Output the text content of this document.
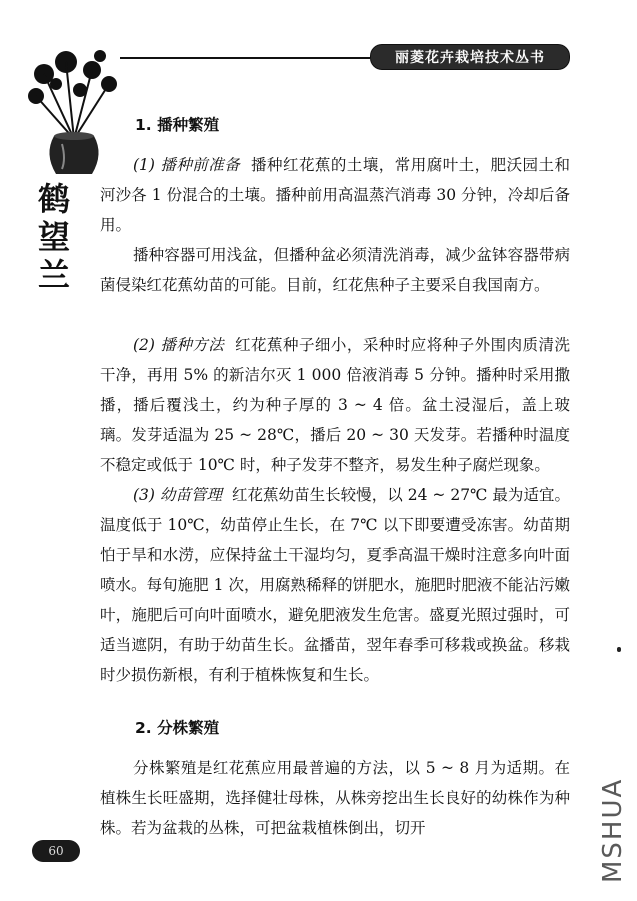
丽菱花卉栽培技术丛书
鹤
望
兰
1. 播种繁殖

(1) 播种前准备 播种红花蕉的土壤，常用腐叶土，肥沃园土和河沙各 1 份混合的土壤。播种前用高温蒸汽消毒 30 分钟，冷却后备用。

播种容器可用浅盆，但播种盆必须清洗消毒，减少盆钵容器带病菌侵染红花蕉幼苗的可能。目前，红花焦种子主要采自我国南方。

(2) 播种方法 红花蕉种子细小，采种时应将种子外围肉质清洗干净，再用 5% 的新洁尔灭 1 000 倍液消毒 5 分钟。播种时采用撒播，播后覆浅土，约为种子厚的 3 ~ 4 倍。盆土浸湿后，盖上玻璃。发芽适温为 25 ~ 28℃，播后 20 ~ 30 天发芽。若播种时温度不稳定或低于 10℃ 时，种子发芽不整齐，易发生种子腐烂现象。

(3) 幼苗管理 红花蕉幼苗生长较慢，以 24 ~ 27℃ 最为适宜。温度低于 10℃，幼苗停止生长，在 7℃ 以下即要遭受冻害。幼苗期怕于旱和水涝，应保持盆土干湿均匀，夏季高温干燥时注意多向叶面喷水。每旬施肥 1 次，用腐熟稀释的饼肥水，施肥时肥液不能沾污嫩叶，施肥后可向叶面喷水，避免肥液发生危害。盛夏光照过强时，可适当遮阴，有助于幼苗生长。盆播苗，翌年春季可移栽或换盆。移栽时少损伤新根，有利于植株恢复和生长。

2. 分株繁殖

分株繁殖是红花蕉应用最普遍的方法，以 5 ~ 8 月为适期。在植株生长旺盛期，选择健壮母株，从株旁挖出生长良好的幼株作为种株。若为盆栽的丛株，可把盆栽植株倒出，切开

60	MSHUA
